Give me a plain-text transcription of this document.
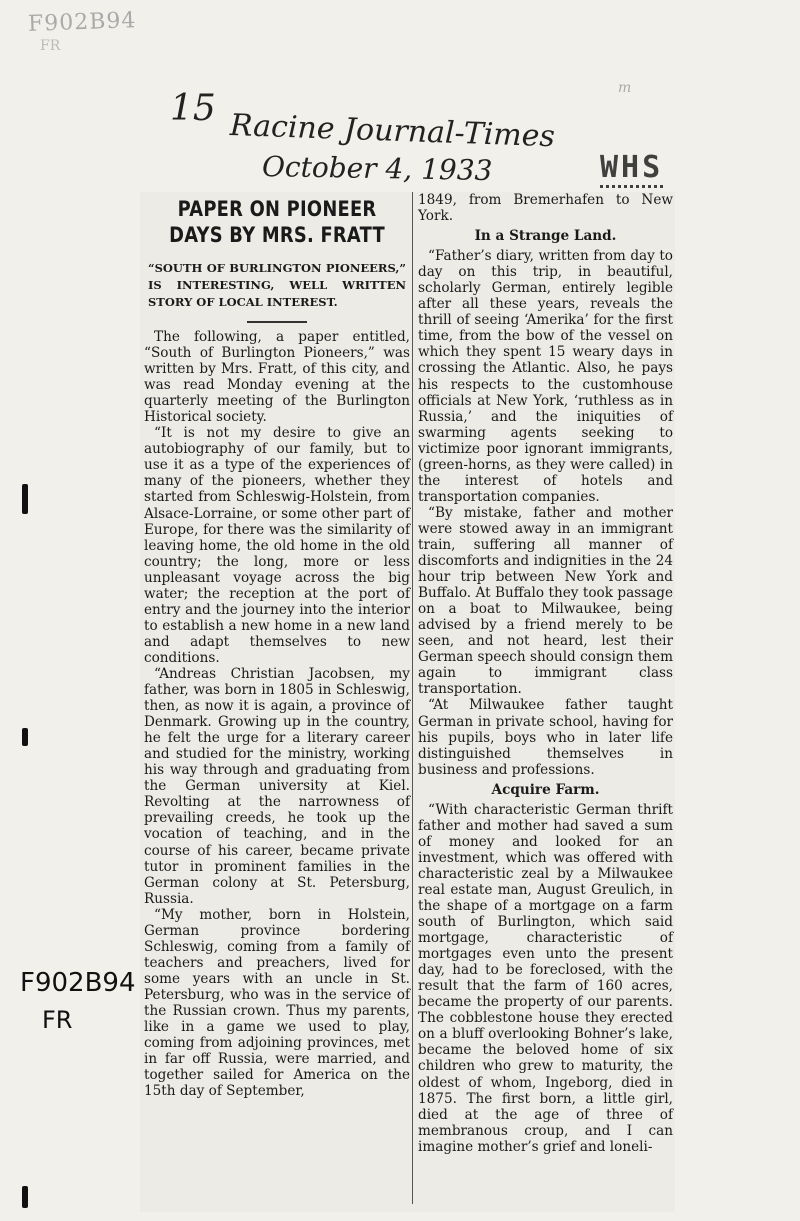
F902B94
FR
m
15 Racine Journal-Times
October 4, 1933	WHS
F902B94
FR
PAPER ON PIONEER DAYS BY MRS. FRATT
“SOUTH OF BURLINGTON PIONEERS,” IS INTERESTING, WELL WRITTEN STORY OF LOCAL INTEREST.

The following, a paper entitled, “South of Burlington Pioneers,” was written by Mrs. Fratt, of this city, and was read Monday evening at the quarterly meeting of the Burlington Historical society.

“It is not my desire to give an autobiography of our family, but to use it as a type of the experiences of many of the pioneers, whether they started from Schleswig-Holstein, from Alsace-Lorraine, or some other part of Europe, for there was the similarity of leaving home, the old home in the old country; the long, more or less unpleasant voyage across the big water; the reception at the port of entry and the journey into the interior to establish a new home in a new land and adapt themselves to new conditions.

“Andreas Christian Jacobsen, my father, was born in 1805 in Schleswig, then, as now it is again, a province of Denmark. Growing up in the country, he felt the urge for a literary career and studied for the ministry, working his way through and graduating from the German university at Kiel. Revolting at the narrowness of prevailing creeds, he took up the vocation of teaching, and in the course of his career, became private tutor in prominent families in the German colony at St. Petersburg, Russia.

“My mother, born in Holstein, German province bordering Schleswig, coming from a family of teachers and preachers, lived for some years with an uncle in St. Petersburg, who was in the service of the Russian crown. Thus my parents, like in a game we used to play, coming from adjoining provinces, met in far off Russia, were married, and together sailed for America on the 15th day of September,

1849, from Bremerhafen to New York.

In a Strange Land.

“Father’s diary, written from day to day on this trip, in beautiful, scholarly German, entirely legible after all these years, reveals the thrill of seeing ‘Amerika’ for the first time, from the bow of the vessel on which they spent 15 weary days in crossing the Atlantic. Also, he pays his respects to the customhouse officials at New York, ‘ruthless as in Russia,’ and the iniquities of swarming agents seeking to victimize poor ignorant immigrants, (green-horns, as they were called) in the interest of hotels and transportation companies.

“By mistake, father and mother were stowed away in an immigrant train, suffering all manner of discomforts and indignities in the 24 hour trip between New York and Buffalo. At Buffalo they took passage on a boat to Milwaukee, being advised by a friend merely to be seen, and not heard, lest their German speech should consign them again to immigrant class transportation.

“At Milwaukee father taught German in private school, having for his pupils, boys who in later life distinguished themselves in business and professions.

Acquire Farm.

“With characteristic German thrift father and mother had saved a sum of money and looked for an investment, which was offered with characteristic zeal by a Milwaukee real estate man, August Greulich, in the shape of a mortgage on a farm south of Burlington, which said mortgage, characteristic of mortgages even unto the present day, had to be foreclosed, with the result that the farm of 160 acres, became the property of our parents. The cobblestone house they erected on a bluff overlooking Bohner’s lake, became the beloved home of six children who grew to maturity, the oldest of whom, Ingeborg, died in 1875. The first born, a little girl, died at the age of three of membranous croup, and I can imagine mother’s grief and loneli-
